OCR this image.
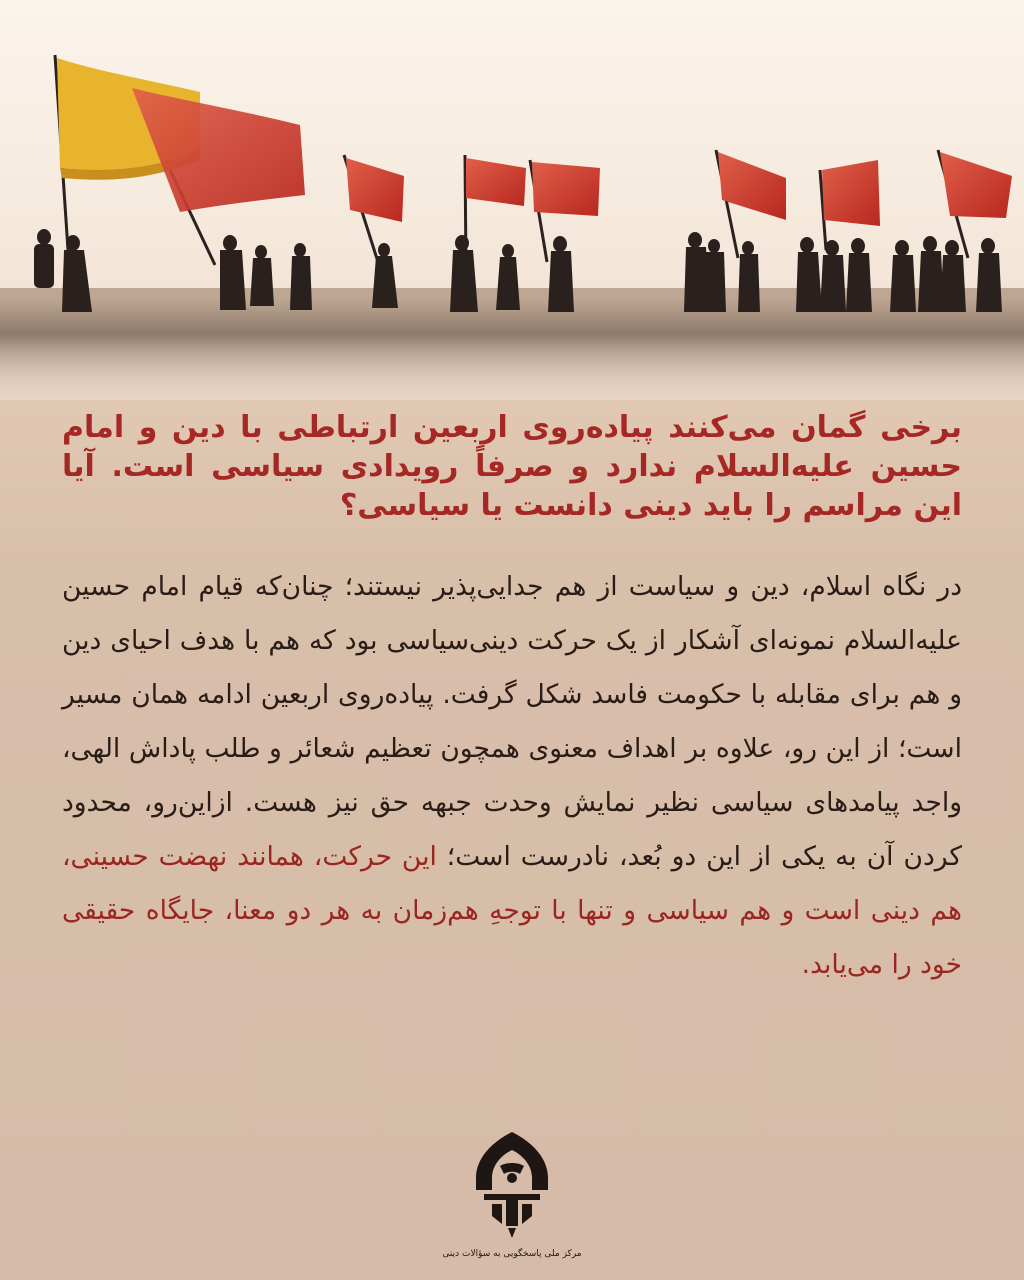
برخی گمان می‌کنند پیاده‌روی اربعین ارتباطی با دین و امام حسین علیه‌السلام ندارد و صرفاً رویدادی سیاسی است. آیا این مراسم را باید دینی دانست یا سیاسی؟
در نگاه اسلام، دین و سیاست از هم جدایی‌پذیر نیستند؛ چنان‌که قیام امام حسین علیه‌السلام نمونه‌ای آشکار از یک حرکت دینی‌سیاسی بود که هم با هدف احیای دین و هم برای مقابله با حکومت فاسد شکل گرفت. پیاده‌روی اربعین ادامه همان مسیر است؛ از این رو، علاوه بر اهداف معنوی همچون تعظیم شعائر و طلب پاداش الهی، واجد پیامدهای سیاسی نظیر نمایش وحدت جبهه حق نیز هست. ازاین‌رو، محدود کردن آن به یکی از این دو بُعد، نادرست است؛ این حرکت، همانند نهضت حسینی، هم دینی است و هم سیاسی و تنها با توجهِ هم‌زمان به هر دو معنا، جایگاه حقیقی خود را می‌یابد.
مرکز ملی پاسخگویی به سؤالات دینی
